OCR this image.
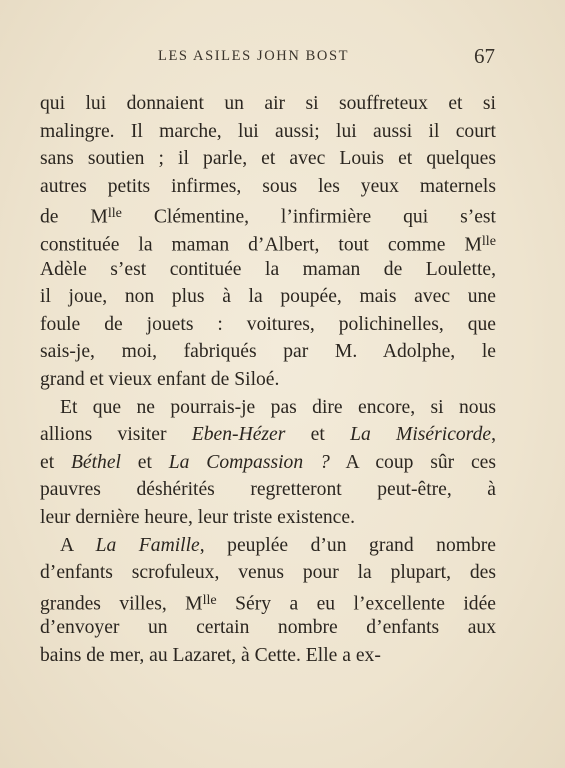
LES ASILES JOHN BOST	67
qui lui donnaient un air si souffreteux et si
malingre. Il marche, lui aussi; lui aussi il court
sans soutien ; il parle, et avec Louis et quelques
autres petits infirmes, sous les yeux maternels
de $M^{lle}$ Clémentine, l’infirmière qui s’est
constituée la maman d’Albert, tout comme $M^{lle}$
Adèle s’est contituée la maman de Loulette,
il joue, non plus à la poupée, mais avec une
foule de jouets : voitures, polichinelles, que
sais-je, moi, fabriqués par M. Adolphe, le
grand et vieux enfant de Siloé.
Et que ne pourrais-je pas dire encore, si nous
allions visiter Eben-Hézer et La Miséricorde,
et Béthel et La Compassion ? A coup sûr ces
pauvres déshérités regretteront peut-être, à
leur dernière heure, leur triste existence.
A La Famille, peuplée d’un grand nombre
d’enfants scrofuleux, venus pour la plupart, des
grandes villes, $M^{lle}$ Séry a eu l’excellente idée
d’envoyer un certain nombre d’enfants aux
bains de mer, au Lazaret, à Cette. Elle a ex-
